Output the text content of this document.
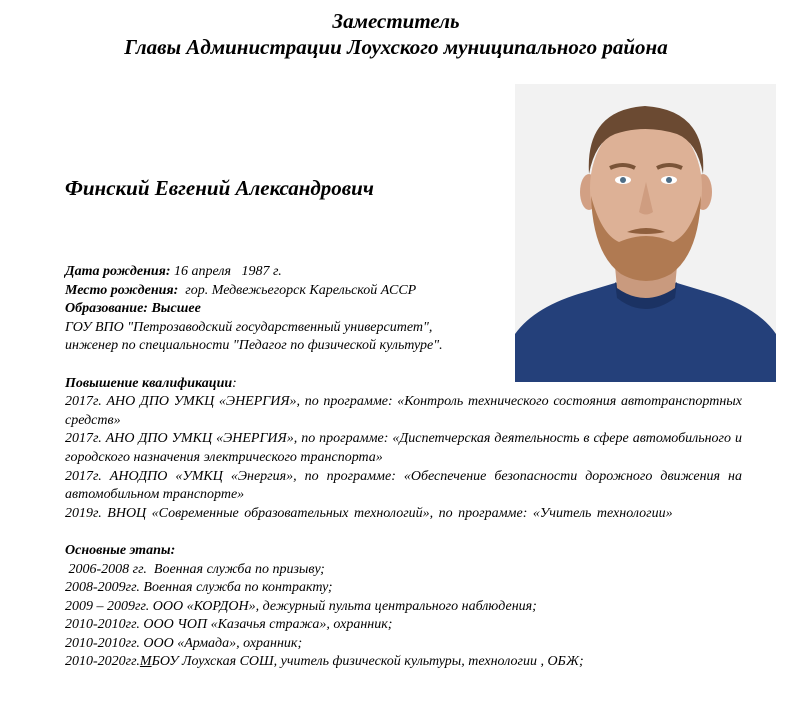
Заместитель
Главы Администрации Лоухского муниципального района
Финский Евгений Александрович
Дата рождения: 16 апреля   1987 г.
Место рождения:  гор. Медвежьегорск Карельской АССР
Образование: Высшее
ГОУ ВПО "Петрозаводский государственный университет",
инженер по специальности "Педагог по физической культуре".
Повышение квалификации:
2017г. АНО ДПО УМКЦ «ЭНЕРГИЯ», по программе: «Контроль технического состояния автотранспортных средств»
2017г. АНО ДПО УМКЦ «ЭНЕРГИЯ», по программе: «Диспетчерская деятельность в сфере автомобильного и городского назначения электрического транспорта»
2017г. АНОДПО «УМКЦ «Энергия», по программе: «Обеспечение безопасности дорожного движения на автомобильном транспорте»
2019г. ВНОЦ «Современные образовательных технологий», по программе: «Учитель технологии»
Основные этапы:
2006-2008 гг.  Военная служба по призыву;
2008-2009гг. Военная служба по контракту;
2009 – 2009гг. ООО «КОРДОН», дежурный пульта центрального наблюдения;
2010-2010гг. ООО ЧОП «Казачья стража», охранник;
2010-2010гг. ООО «Армада», охранник;
2010-2020гг.МБОУ Лоухская СОШ, учитель физической культуры, технологии , ОБЖ;
